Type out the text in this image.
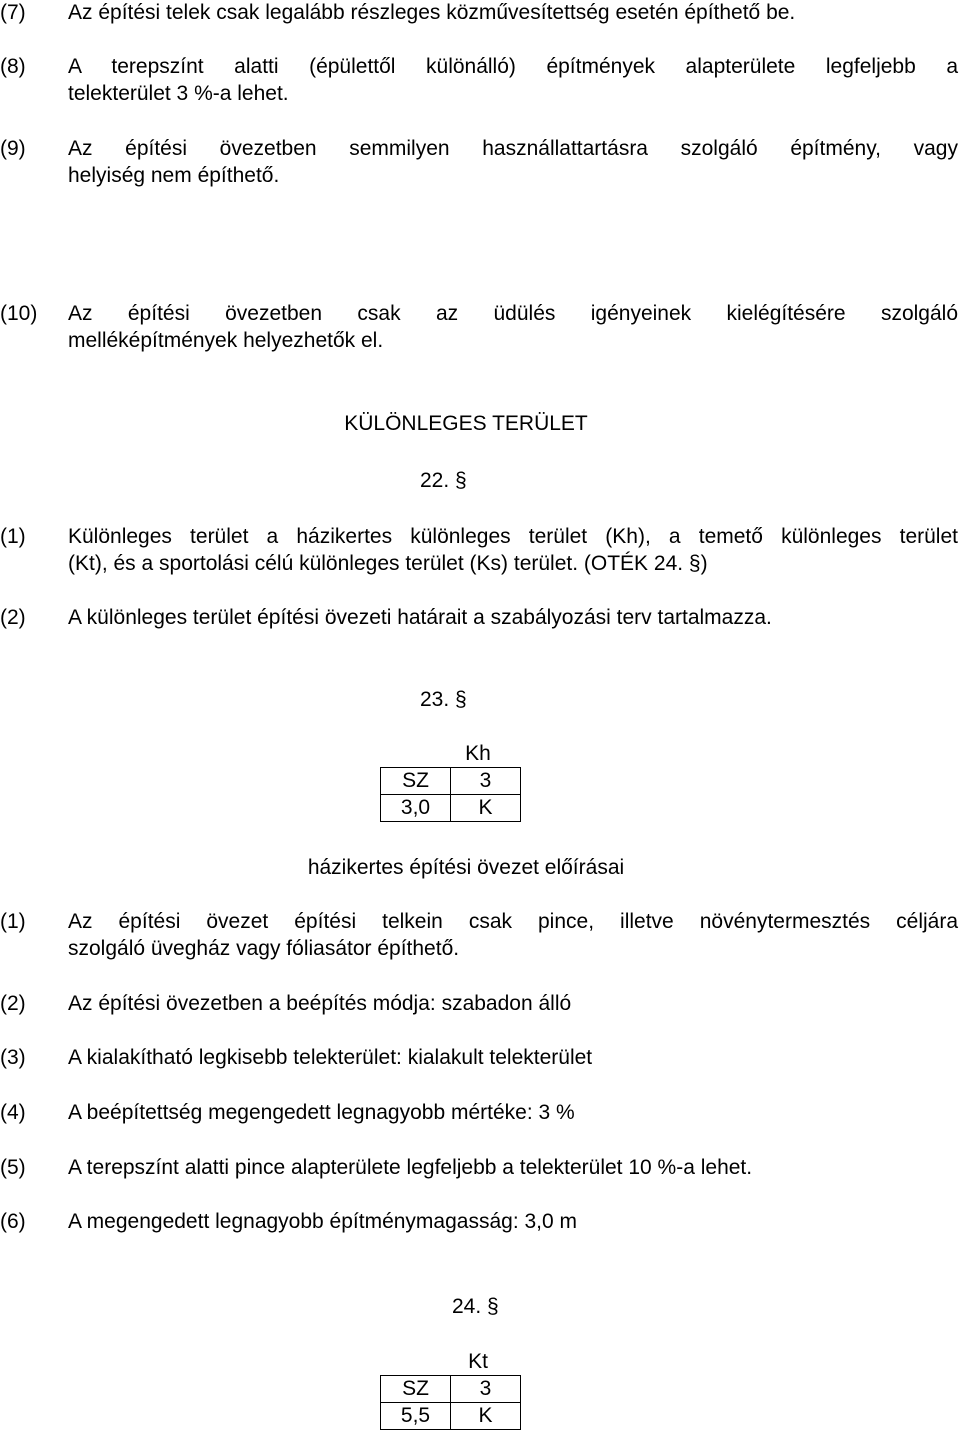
(7) Az építési telek csak legalább részleges közművesítettség esetén építhető be.
(8) A terepszínt alatti (épülettől különálló) építmények alapterülete legfeljebb a
telekterület 3 %-a lehet.
(9) Az építési övezetben semmilyen használlattartásra szolgáló építmény, vagy
helyiség nem építhető.
(10) Az építési övezetben csak az üdülés igényeinek kielégítésére szolgáló
melléképítmények helyezhetők el.
KÜLÖNLEGES TERÜLET
22. §
(1) Különleges terület a házikertes különleges terület (Kh), a temető különleges terület
(Kt), és a sportolási célú különleges terület (Ks) terület. (OTÉK 24. §)
(2) A különleges terület építési övezeti határait a szabályozási terv tartalmazza.
23. §
Kh
SZ	3
3,0	K
házikertes építési övezet előírásai
(1) Az építési övezet építési telkein csak pince, illetve növénytermesztés céljára
szolgáló üvegház vagy fóliasátor építhető.
(2) Az építési övezetben a beépítés módja: szabadon álló
(3) A kialakítható legkisebb telekterület: kialakult telekterület
(4) A beépítettség megengedett legnagyobb mértéke: 3 %
(5) A terepszínt alatti pince alapterülete legfeljebb a telekterület 10 %-a lehet.
(6) A megengedett legnagyobb építménymagasság: 3,0 m
24. §
Kt
SZ	3
5,5	K
